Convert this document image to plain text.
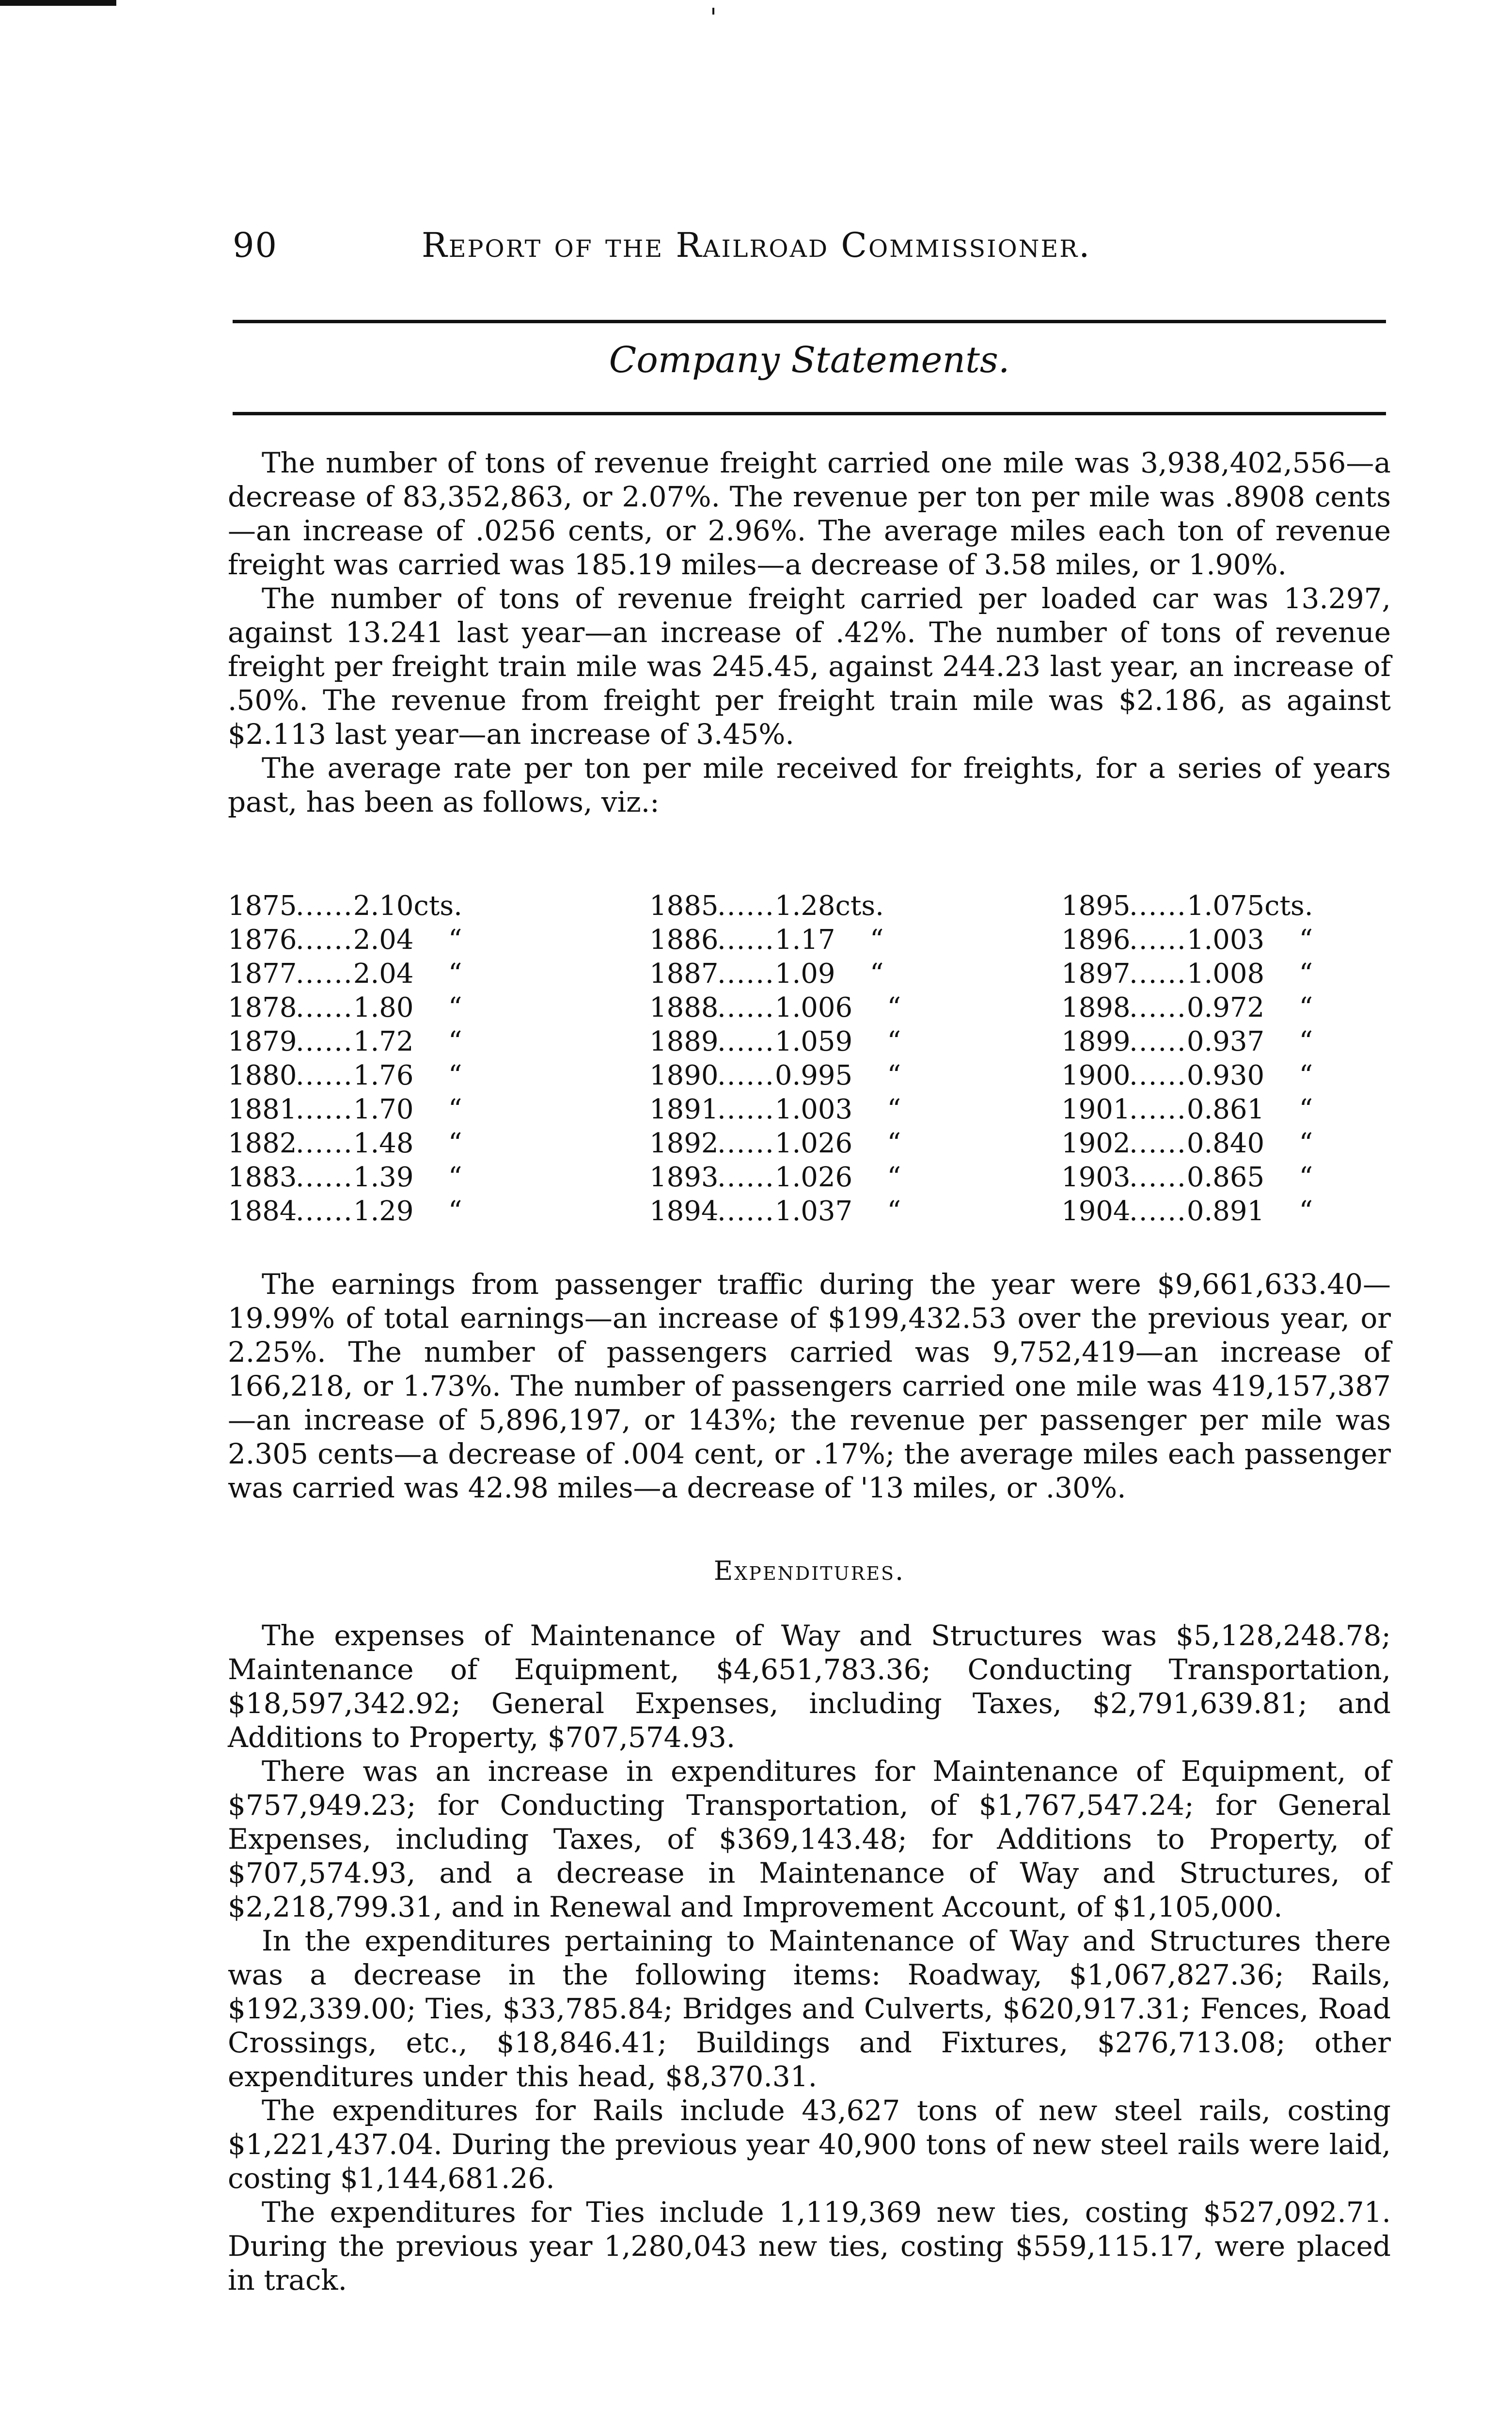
90	Report of the Railroad Commissioner.
Company Statements.

The number of tons of revenue freight carried one mile was 3,938,402,556—a decrease of 83,352,863, or 2.07%. The revenue per ton per mile was .8908 cents—an increase of .0256 cents, or 2.96%. The average miles each ton of revenue freight was carried was 185.19 miles—a decrease of 3.58 miles, or 1.90%.

The number of tons of revenue freight carried per loaded car was 13.297, against 13.241 last year—an increase of .42%. The number of tons of revenue freight per freight train mile was 245.45, against 244.23 last year, an increase of .50%. The revenue from freight per freight train mile was $2.186, as against $2.113 last year—an increase of 3.45%.

The average rate per ton per mile received for freights, for a series of years past, has been as follows, viz.:

1875......2.10cts.
1876......2.04 “
1877......2.04 “
1878......1.80 “
1879......1.72 “
1880......1.76 “
1881......1.70 “
1882......1.48 “
1883......1.39 “
1884......1.29 “
1885......1.28cts.
1886......1.17 “
1887......1.09 “
1888......1.006 “
1889......1.059 “
1890......0.995 “
1891......1.003 “
1892......1.026 “
1893......1.026 “
1894......1.037 “
1895......1.075cts.
1896......1.003 “
1897......1.008 “
1898......0.972 “
1899......0.937 “
1900......0.930 “
1901......0.861 “
1902......0.840 “
1903......0.865 “
1904......0.891 “

The earnings from passenger traffic during the year were $9,661,633.40—19.99% of total earnings—an increase of $199,432.53 over the previous year, or 2.25%. The number of passengers carried was 9,752,419—an increase of 166,218, or 1.73%. The number of passengers carried one mile was 419,157,387—an increase of 5,896,197, or 143%; the revenue per passenger per mile was 2.305 cents—a decrease of .004 cent, or .17%; the average miles each passenger was carried was 42.98 miles—a decrease of '13 miles, or .30%.

Expenditures.

The expenses of Maintenance of Way and Structures was $5,128,248.78; Maintenance of Equipment, $4,651,783.36; Conducting Transportation, $18,597,342.92; General Expenses, including Taxes, $2,791,639.81; and Additions to Property, $707,574.93.

There was an increase in expenditures for Maintenance of Equipment, of $757,949.23; for Conducting Transportation, of $1,767,547.24; for General Expenses, including Taxes, of $369,143.48; for Additions to Property, of $707,574.93, and a decrease in Maintenance of Way and Structures, of $2,218,799.31, and in Renewal and Improvement Account, of $1,105,000.

In the expenditures pertaining to Maintenance of Way and Structures there was a decrease in the following items: Roadway, $1,067,827.36; Rails, $192,339.00; Ties, $33,785.84; Bridges and Culverts, $620,917.31; Fences, Road Crossings, etc., $18,846.41; Buildings and Fixtures, $276,713.08; other expenditures under this head, $8,370.31.

The expenditures for Rails include 43,627 tons of new steel rails, costing $1,221,437.04. During the previous year 40,900 tons of new steel rails were laid, costing $1,144,681.26.

The expenditures for Ties include 1,119,369 new ties, costing $527,092.71. During the previous year 1,280,043 new ties, costing $559,115.17, were placed in track.
